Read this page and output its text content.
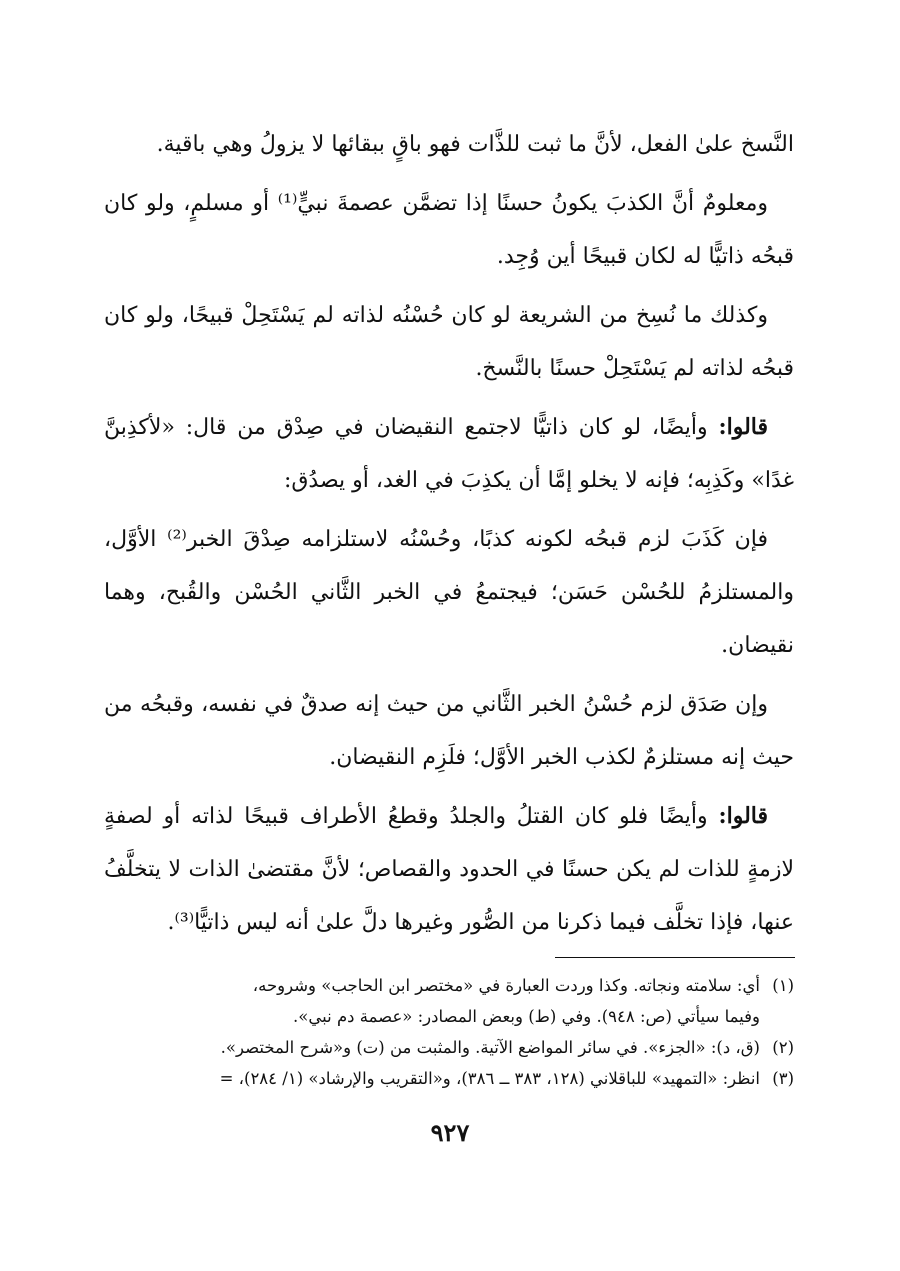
النَّسخ علىٰ الفعل، لأنَّ ما ثبت للذَّات فهو باقٍ ببقائها لا يزولُ وهي باقية.

ومعلومٌ أنَّ الكذبَ يكونُ حسنًا إذا تضمَّن عصمةَ نبيٍّ⁽¹⁾ أو مسلمٍ، ولو كان قبحُه ذاتيًّا له لكان قبيحًا أين وُجِد.

وكذلك ما نُسِخ من الشريعة لو كان حُسْنُه لذاته لم يَسْتَحِلْ قبيحًا، ولو كان قبحُه لذاته لم يَسْتَحِلْ حسنًا بالنَّسخ.

قالوا: وأيضًا، لو كان ذاتيًّا لاجتمع النقيضان في صِدْق من قال: «لأكذِبنَّ غدًا» وكَذِبِه؛ فإنه لا يخلو إمَّا أن يكذِبَ في الغد، أو يصدُق:

فإن كَذَبَ لزم قبحُه لكونه كذبًا، وحُسْنُه لاستلزامه صِدْقَ الخبر⁽²⁾ الأوَّل، والمستلزمُ للحُسْن حَسَن؛ فيجتمعُ في الخبر الثَّاني الحُسْن والقُبح، وهما نقيضان.

وإن صَدَق لزم حُسْنُ الخبر الثَّاني من حيث إنه صدقٌ في نفسه، وقبحُه من حيث إنه مستلزمٌ لكذب الخبر الأوَّل؛ فلَزِم النقيضان.

قالوا: وأيضًا فلو كان القتلُ والجلدُ وقطعُ الأطراف قبيحًا لذاته أو لصفةٍ لازمةٍ للذات لم يكن حسنًا في الحدود والقصاص؛ لأنَّ مقتضىٰ الذات لا يتخلَّفُ عنها، فإذا تخلَّف فيما ذكرنا من الصُّور وغيرها دلَّ علىٰ أنه ليس ذاتيًّا⁽³⁾.

(١)أي: سلامته ونجاته. وكذا وردت العبارة في «مختصر ابن الحاجب» وشروحه،

وفيما سيأتي (ص: ٩٤٨). وفي (ط) وبعض المصادر: «عصمة دم نبي».

(٢)(ق، د): «الجزء». في سائر المواضع الآتية. والمثبت من (ت) و«شرح المختصر».

(٣)انظر: «التمهيد» للباقلاني (١٢٨، ٣٨٣ ــ ٣٨٦)، و«التقريب والإرشاد» (١/ ٢٨٤)، =

٩٢٧
